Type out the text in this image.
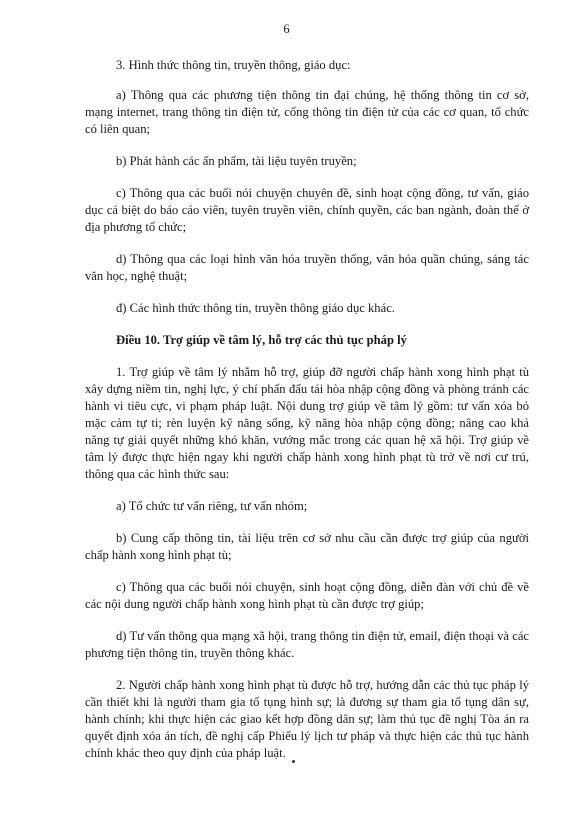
6

3. Hình thức thông tin, truyền thông, giáo dục:

a) Thông qua các phương tiện thông tin đại chúng, hệ thống thông tin cơ sở, mạng internet, trang thông tin điện tử, cổng thông tin điện tử của các cơ quan, tổ chức có liên quan;

b) Phát hành các ấn phẩm, tài liệu tuyên truyền;

c) Thông qua các buổi nói chuyện chuyên đề, sinh hoạt cộng đồng, tư vấn, giáo dục cá biệt do báo cáo viên, tuyên truyền viên, chính quyền, các ban ngành, đoàn thể ở địa phương tổ chức;

d) Thông qua các loại hình văn hóa truyền thống, văn hóa quần chúng, sáng tác văn học, nghệ thuật;

đ) Các hình thức thông tin, truyền thông giáo dục khác.

Điều 10. Trợ giúp về tâm lý, hỗ trợ các thủ tục pháp lý

1. Trợ giúp về tâm lý nhằm hỗ trợ, giúp đỡ người chấp hành xong hình phạt tù xây dựng niềm tin, nghị lực, ý chí phấn đấu tái hòa nhập cộng đồng và phòng tránh các hành vi tiêu cực, vi phạm pháp luật. Nội dung trợ giúp về tâm lý gồm: tư vấn xóa bỏ mặc cảm tự ti; rèn luyện kỹ năng sống, kỹ năng hòa nhập cộng đồng; nâng cao khả năng tự giải quyết những khó khăn, vướng mắc trong các quan hệ xã hội. Trợ giúp về tâm lý được thực hiện ngay khi người chấp hành xong hình phạt tù trở về nơi cư trú, thông qua các hình thức sau:

a) Tổ chức tư vấn riêng, tư vấn nhóm;

b) Cung cấp thông tin, tài liệu trên cơ sở nhu cầu cần được trợ giúp của người chấp hành xong hình phạt tù;

c) Thông qua các buổi nói chuyện, sinh hoạt cộng đồng, diễn đàn với chủ đề về các nội dung người chấp hành xong hình phạt tù cần được trợ giúp;

d) Tư vấn thông qua mạng xã hội, trang thông tin điện tử, email, điện thoại và các phương tiện thông tin, truyền thông khác.

2. Người chấp hành xong hình phạt tù được hỗ trợ, hướng dẫn các thủ tục pháp lý cần thiết khi là người tham gia tố tụng hình sự; là đương sự tham gia tố tụng dân sự, hành chính; khi thực hiện các giao kết hợp đồng dân sự; làm thủ tục đề nghị Tòa án ra quyết định xóa án tích, đề nghị cấp Phiếu lý lịch tư pháp và thực hiện các thủ tục hành chính khác theo quy định của pháp luật.
